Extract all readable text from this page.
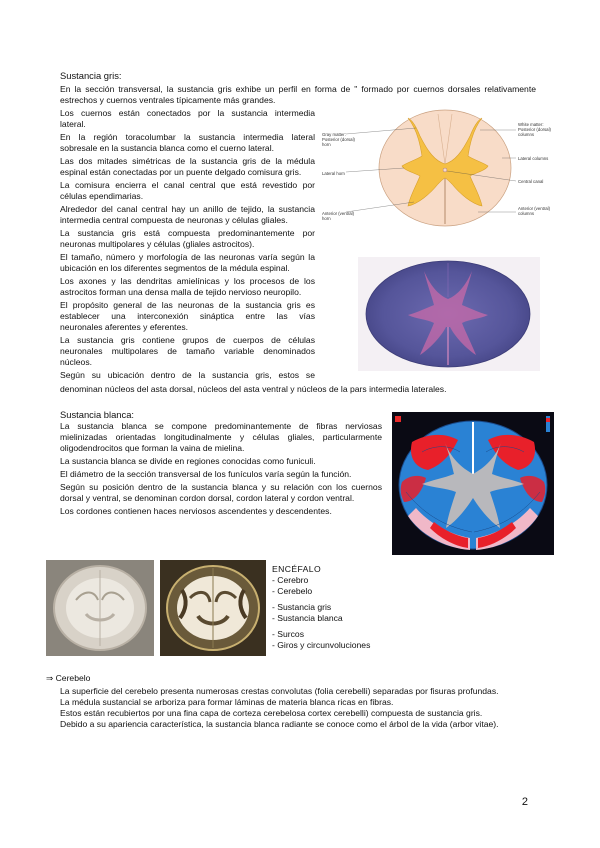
Sustancia gris:
En la sección transversal, la sustancia gris exhibe un perfil en forma de " formado por cuernos dorsales relativamente
estrechos y cuernos ventrales típicamente más grandes.
Los cuernos están conectados por la sustancia intermedia
lateral.
En la región toracolumbar la sustancia intermedia lateral
sobresale en la sustancia blanca como el cuerno lateral.
Las dos mitades simétricas de la sustancia gris de la médula
espinal están conectadas por un puente delgado comisura gris.
La comisura encierra el canal central que está revestido por
células ependimarias.
Alrededor del canal central hay un anillo de tejido, la sustancia
intermedia central compuesta de neuronas y células gliales.
La sustancia gris está compuesta predominantemente por
neuronas multipolares y células (gliales astrocitos).
El tamaño, número y morfología de las neuronas varía según la
ubicación en los diferentes segmentos de la médula espinal.
Los axones y las dendritas amielínicas y los procesos de los
astrocitos forman una densa malla de tejido nervioso neuropilo.
El propósito general de las neuronas de la sustancia gris es
establecer una interconexión sináptica entre las vías
neuronales aferentes y eferentes.
La sustancia gris contiene grupos de cuerpos de células
neuronales multipolares de tamaño variable denominados
núcleos.
Según su ubicación dentro de la sustancia gris, estos se
denominan núcleos del asta dorsal, núcleos del asta ventral y núcleos de la pars intermedia laterales.
Gray matter:
Posterior (dorsal)
horn
Lateral horn
Anterior (ventral)
horn
White matter:
Posterior (dorsal)
columns
Lateral columns
Central canal
Anterior (ventral)
columns
Sustancia blanca:
La sustancia blanca se compone predominantemente de fibras nerviosas
mielinizadas orientadas longitudinalmente y células gliales, particularmente
oligodendrocitos que forman la vaina de mielina.
La sustancia blanca se divide en regiones conocidas como funiculi.
El diámetro de la sección transversal de los funículos varía según la función.
Según su posición dentro de la sustancia blanca y su relación con los cuernos
dorsal y ventral, se denominan cordon dorsal, cordon lateral y cordon ventral.
Los cordones contienen haces nerviosos ascendentes y descendentes.
ENCÉFALO
- Cerebro
- Cerebelo
- Sustancia gris
- Sustancia blanca
- Surcos
- Giros y circunvoluciones
⇒ Cerebelo
La superficie del cerebelo presenta numerosas crestas convolutas (folia cerebelli) separadas por fisuras profundas.
La médula sustancial se arboriza para formar láminas de materia blanca ricas en fibras.
Estos están recubiertos por una fina capa de corteza cerebelosa cortex cerebelli) compuesta de sustancia gris.
Debido a su apariencia característica, la sustancia blanca radiante se conoce como el árbol de la vida (arbor vitae).
2
